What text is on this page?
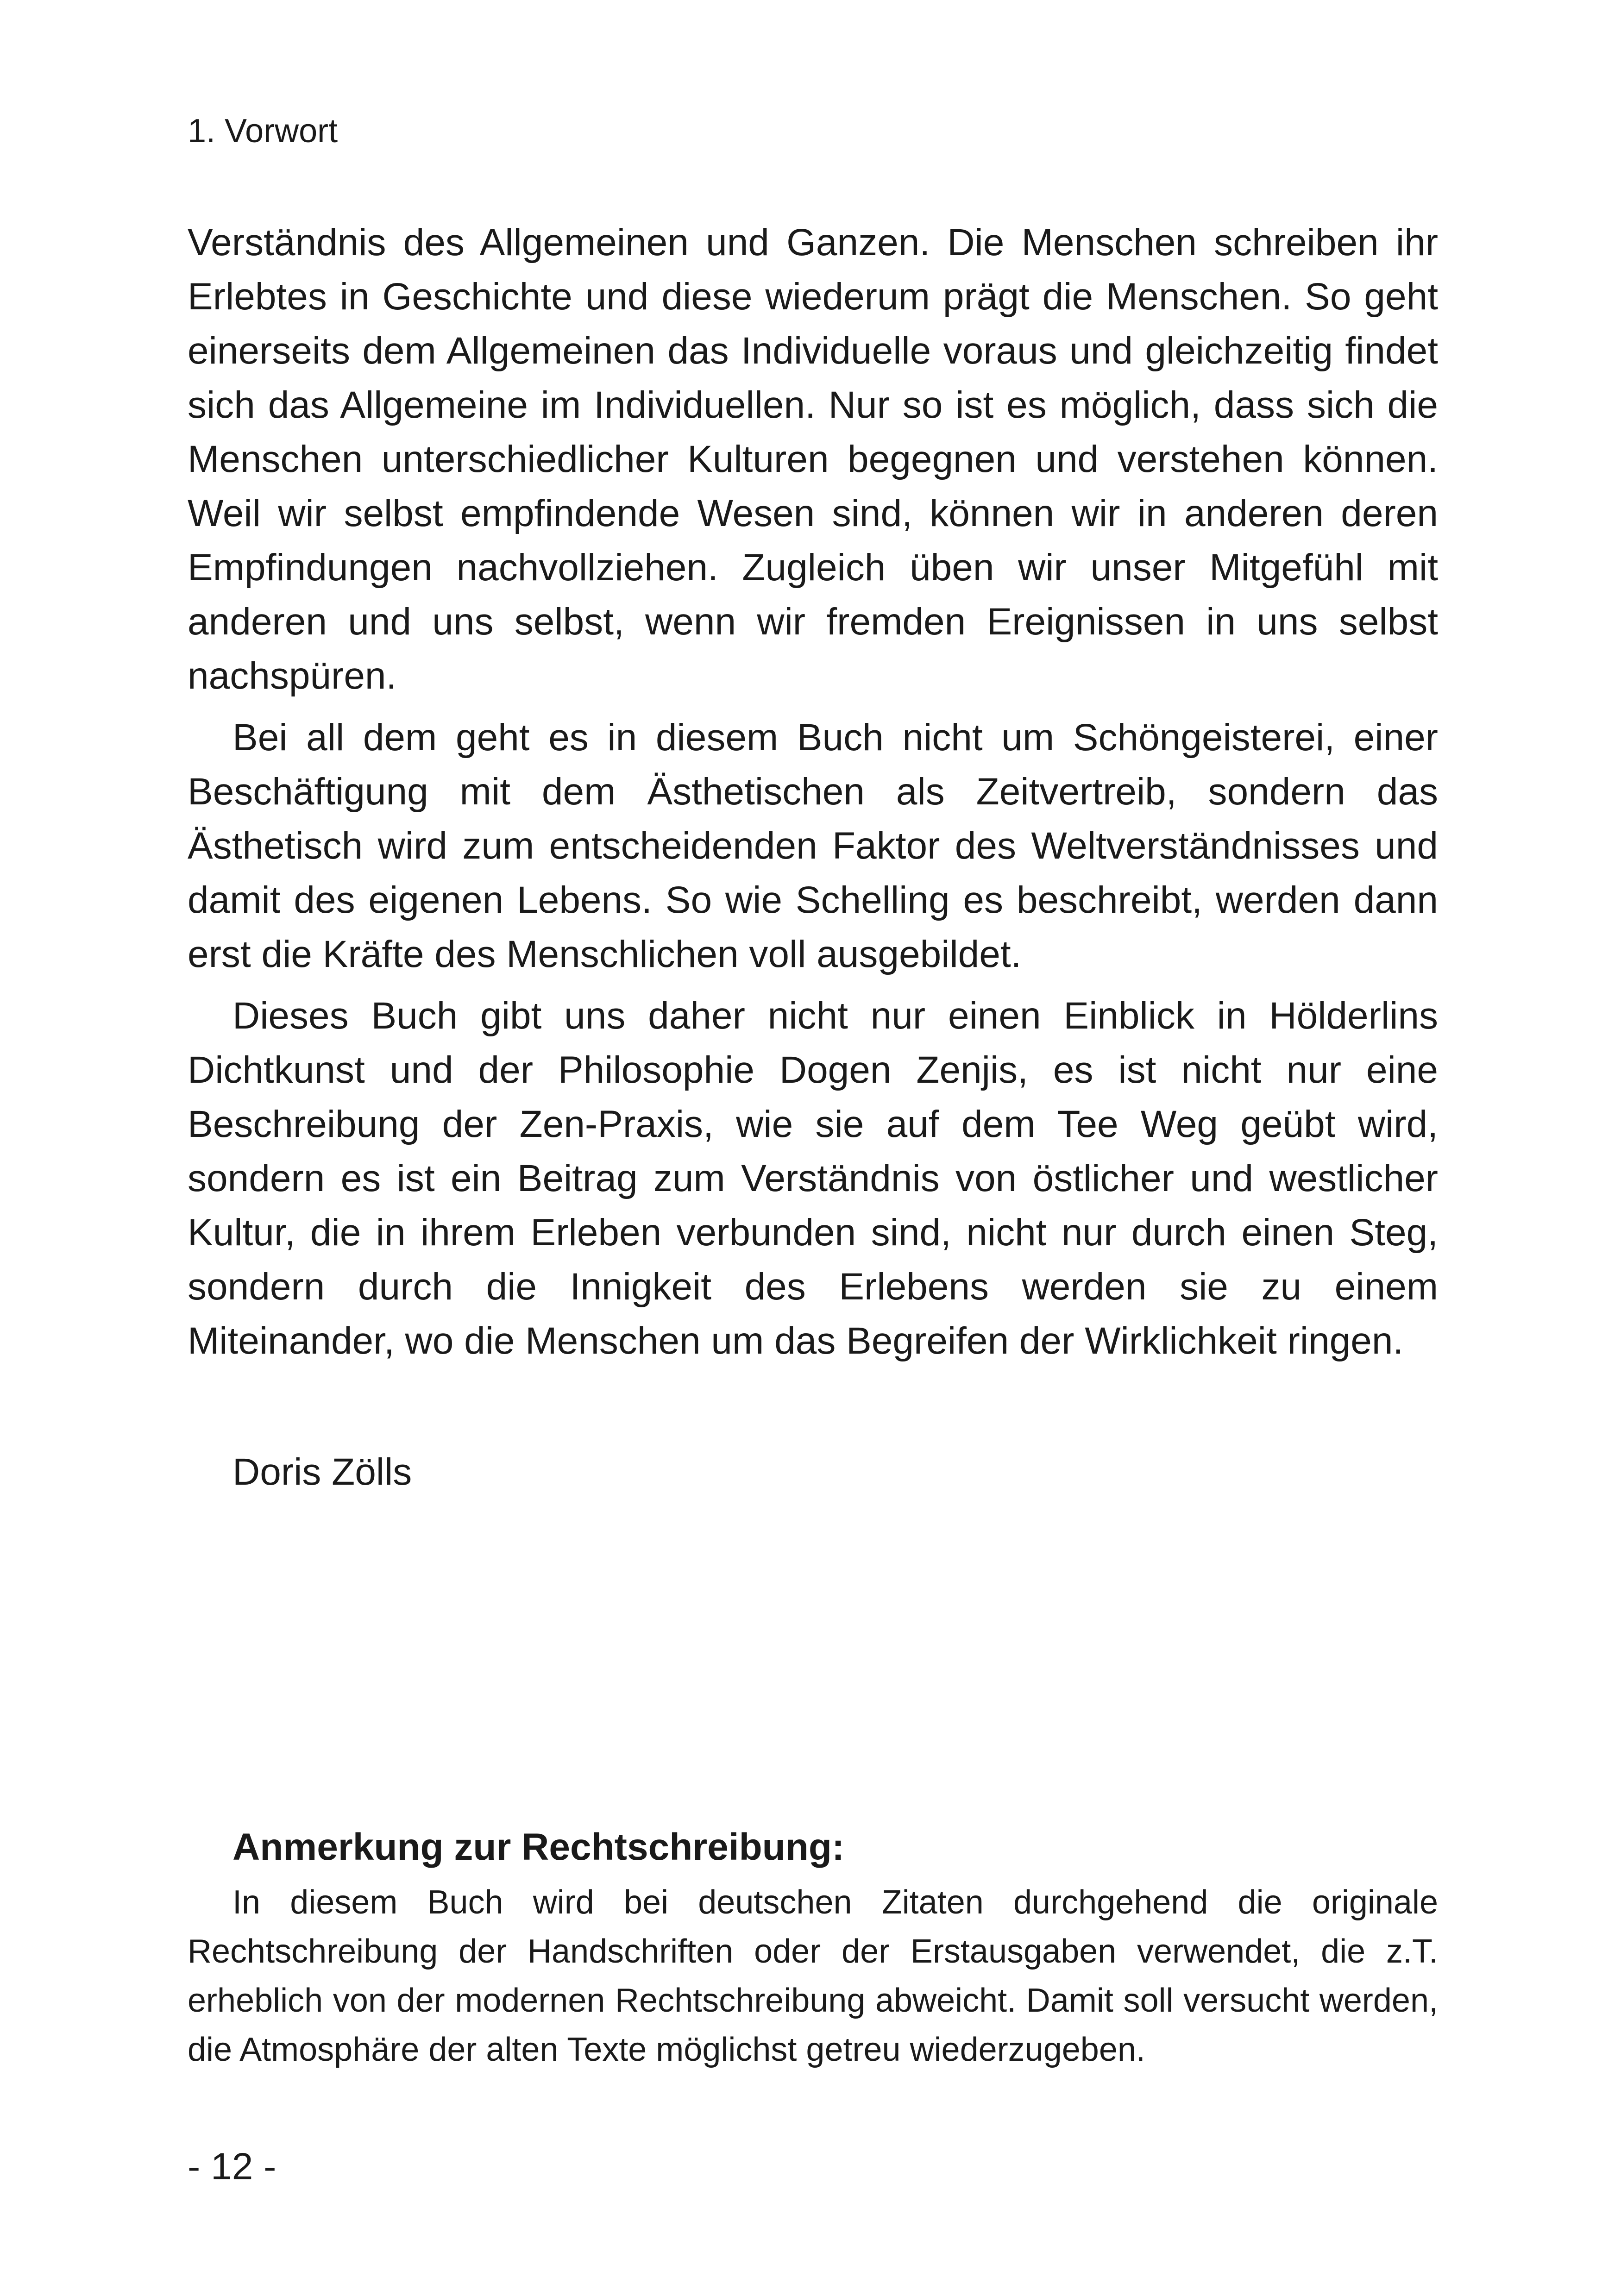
1. Vorwort

Verständnis des Allgemeinen und Ganzen. Die Menschen schreiben ihr Erlebtes in Geschichte und diese wiederum prägt die Menschen. So geht einerseits dem Allgemeinen das Individuelle voraus und gleichzeitig findet sich das Allgemeine im Individuellen. Nur so ist es möglich, dass sich die Menschen unterschiedlicher Kulturen begegnen und verstehen können. Weil wir selbst empfindende Wesen sind, können wir in anderen deren Empfindungen nachvollziehen. Zugleich üben wir unser Mitgefühl mit anderen und uns selbst, wenn wir fremden Ereignissen in uns selbst nachspüren.

Bei all dem geht es in diesem Buch nicht um Schöngeisterei, einer Beschäftigung mit dem Ästhetischen als Zeitvertreib, sondern das Ästhetisch wird zum entscheidenden Faktor des Weltverständnisses und damit des eigenen Lebens. So wie Schelling es beschreibt, werden dann erst die Kräfte des Menschlichen voll ausgebildet.

Dieses Buch gibt uns daher nicht nur einen Einblick in Hölderlins Dichtkunst und der Philosophie Dogen Zenjis, es ist nicht nur eine Beschreibung der Zen-Praxis, wie sie auf dem Tee Weg geübt wird, sondern es ist ein Beitrag zum Verständnis von östlicher und westlicher Kultur, die in ihrem Erleben verbunden sind, nicht nur durch einen Steg, sondern durch die Innigkeit des Erlebens werden sie zu einem Miteinander, wo die Menschen um das Begreifen der Wirklichkeit ringen.

Doris Zölls

Anmerkung zur Rechtschreibung:

In diesem Buch wird bei deutschen Zitaten durchgehend die originale Rechtschreibung der Handschriften oder der Erstausgaben verwendet, die z.T. erheblich von der modernen Rechtschreibung abweicht. Damit soll versucht werden, die Atmosphäre der alten Texte möglichst getreu wiederzugeben.

- 12 -
